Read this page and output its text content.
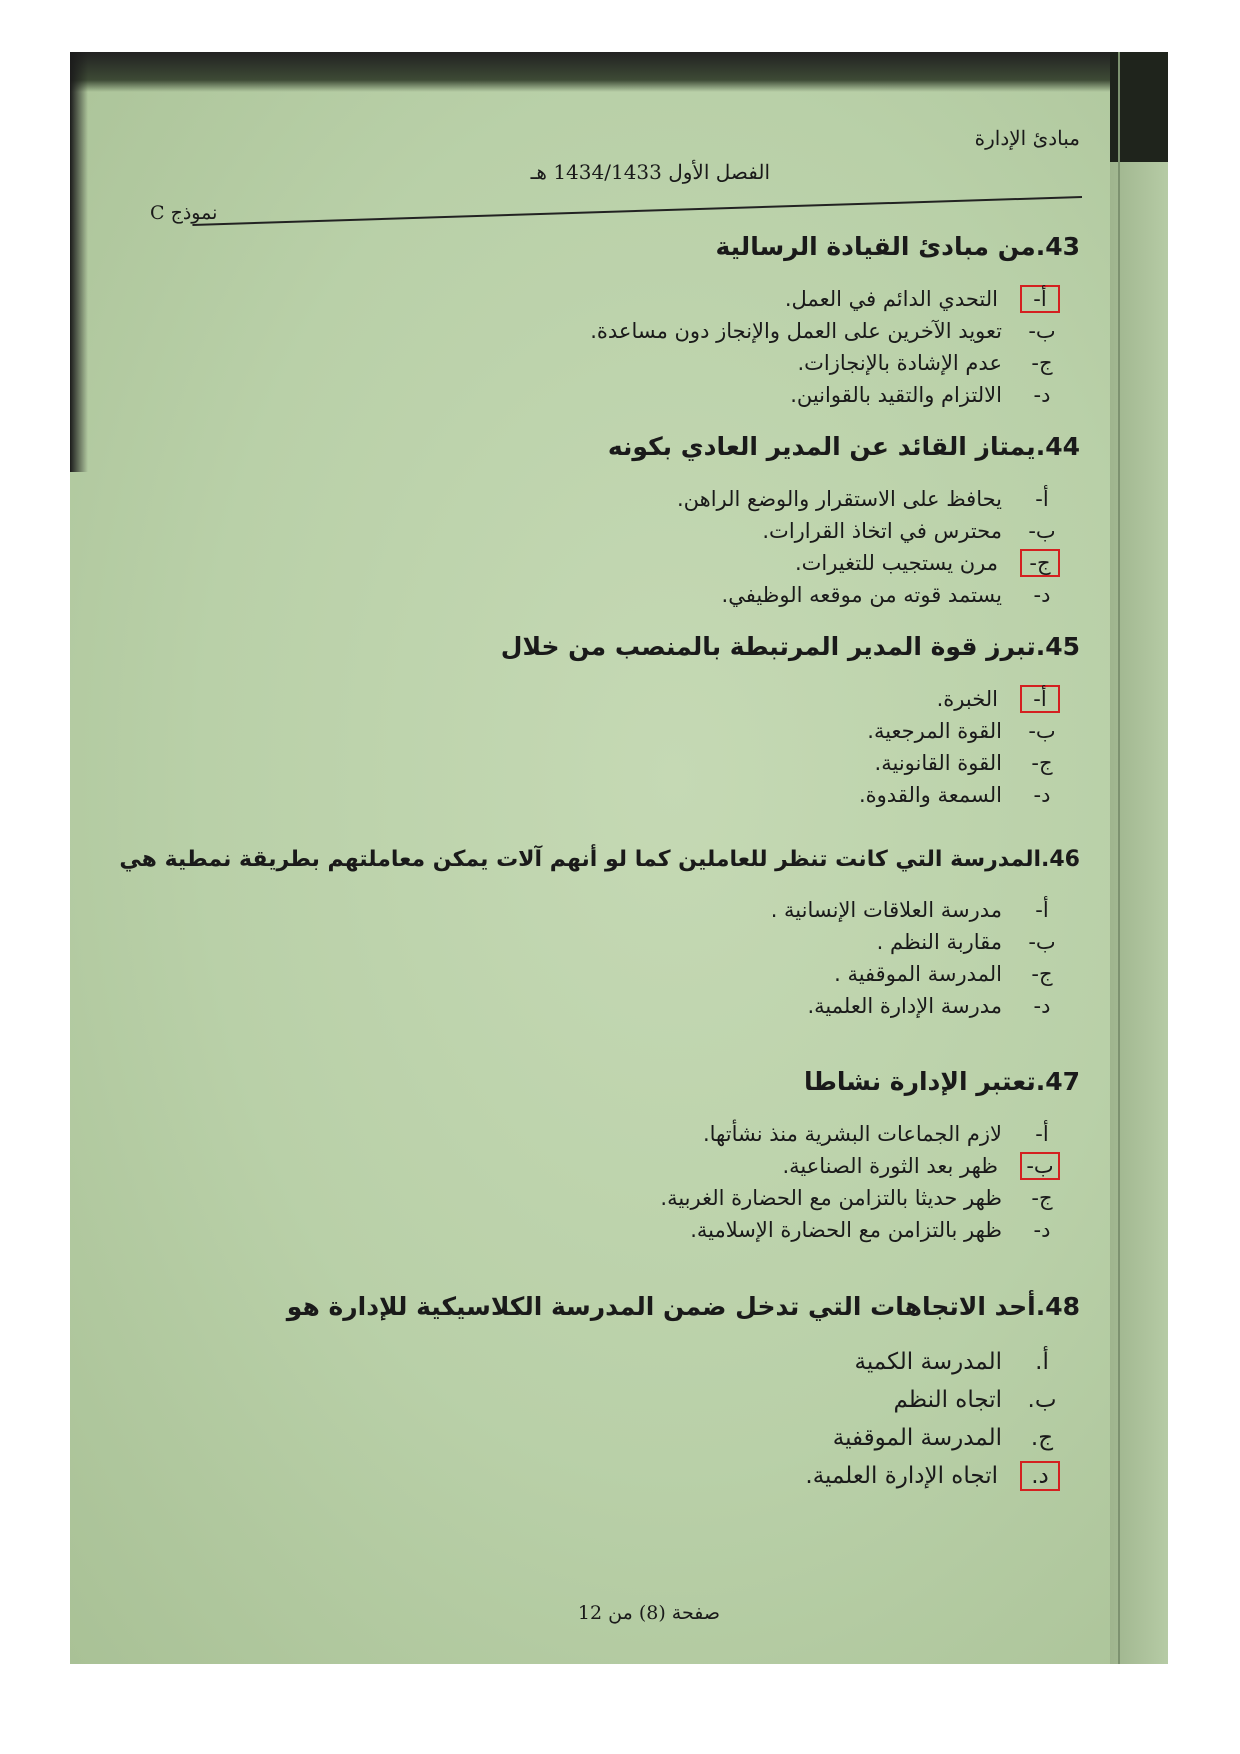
مبادئ الإدارة
الفصل الأول 1434/1433 هـ
نموذج C
43.من مبادئ القيادة الرسالية
أ-
التحدي الدائم في العمل.
ب-
تعويد الآخرين على العمل والإنجاز دون مساعدة.
ج-
عدم الإشادة بالإنجازات.
د-
الالتزام والتقيد بالقوانين.
44.يمتاز القائد عن المدير العادي بكونه
أ-
يحافظ على الاستقرار والوضع الراهن.
ب-
محترس في اتخاذ القرارات.
ج-
مرن يستجيب للتغيرات.
د-
يستمد قوته من موقعه الوظيفي.
45.تبرز قوة المدير المرتبطة بالمنصب من خلال
أ-
الخبرة.
ب-
القوة المرجعية.
ج-
القوة القانونية.
د-
السمعة والقدوة.
46.المدرسة التي كانت تنظر للعاملين كما لو أنهم آلات يمكن معاملتهم بطريقة نمطية هي
أ-
مدرسة العلاقات الإنسانية .
ب-
مقاربة النظم .
ج-
المدرسة الموقفية .
د-
مدرسة الإدارة العلمية.
47.تعتبر الإدارة نشاطا
أ-
لازم الجماعات البشرية منذ نشأتها.
ب-
ظهر بعد الثورة الصناعية.
ج-
ظهر حديثا بالتزامن مع الحضارة الغربية.
د-
ظهر بالتزامن مع الحضارة الإسلامية.
48.أحد الاتجاهات التي تدخل ضمن المدرسة الكلاسيكية للإدارة هو
أ.
المدرسة الكمية
ب.
اتجاه النظم
ج.
المدرسة الموقفية
د.
اتجاه الإدارة العلمية.
صفحة (8) من 12
